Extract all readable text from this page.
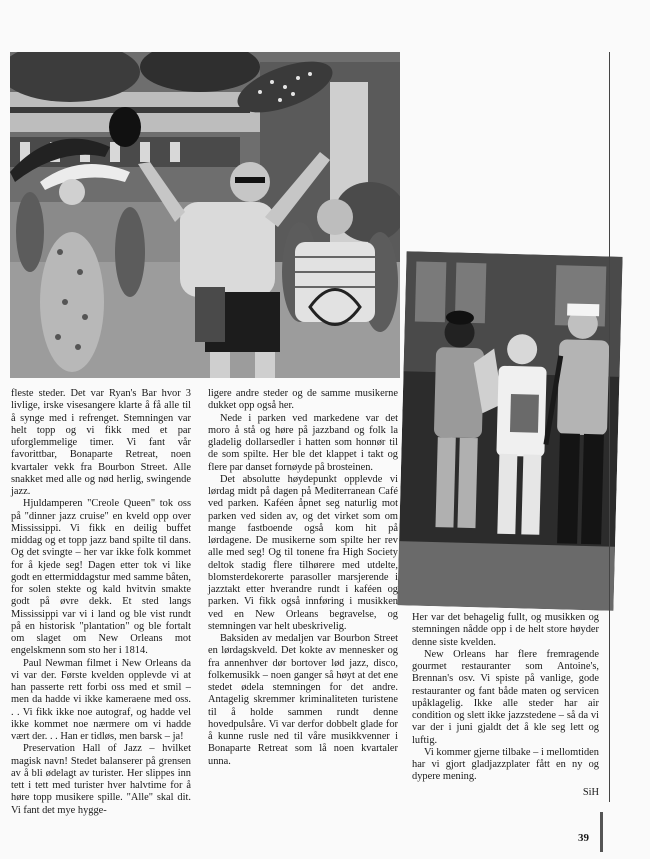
fleste steder. Det var Ryan's Bar hvor 3 livlige, irske visesangere klarte å få alle til å synge med i refrenget. Stemningen var helt topp og vi fikk med et par uforglemmelige timer. Vi fant vår favorittbar, Bonaparte Retreat, noen kvartaler vekk fra Bourbon Street. Alle snakket med alle og nød herlig, swingende jazz.

Hjuldamperen "Creole Queen" tok oss på "dinner jazz cruise" en kveld opp over Mississippi. Vi fikk en deilig buffet middag og et topp jazz band spilte til dans. Og det svingte – her var ikke folk kommet for å kjede seg! Dagen etter tok vi like godt en ettermiddagstur med samme båten, for solen stekte og kald hvitvin smakte godt på øvre dekk. Et sted langs Mississippi var vi i land og ble vist rundt på en historisk "plantation" og ble fortalt om slaget om New Orleans mot engelskmenn som sto her i 1814.

Paul Newman filmet i New Orleans da vi var der. Første kvelden opplevde vi at han passerte rett forbi oss med et smil – men da hadde vi ikke kameraene med oss. . . Vi fikk ikke noe autograf, og hadde vel ikke kommet noe nærmere om vi hadde vært der. . . Han er tidløs, men barsk – ja!

Preservation Hall of Jazz – hvilket magisk navn! Stedet balanserer på grensen av å bli ødelagt av turister. Her slippes inn tett i tett med turister hver halvtime for å høre topp musikere spille. "Alle" skal dit. Vi fant det mye hygge-

ligere andre steder og de samme musikerne dukket opp også her.

Nede i parken ved markedene var det moro å stå og høre på jazzband og folk la gladelig dollarsedler i hatten som honnør til de som spilte. Her ble det klappet i takt og flere par danset fornøyde på brosteinen.

Det absolutte høydepunkt opplevde vi lørdag midt på dagen på Mediterranean Café ved parken. Kaféen åpnet seg naturlig mot parken ved siden av, og det virket som om mange fastboende også kom hit på lørdagene. De musikerne som spilte her rev alle med seg! Og til tonene fra High Society deltok stadig flere tilhørere med utdelte, blomsterdekorerte parasoller marsjerende i jazztakt etter hverandre rundt i kaféen og parken. Vi fikk også innføring i musikken ved en New Orleans begravelse, og stemningen var helt ubeskrivelig.

Baksiden av medaljen var Bourbon Street en lørdagskveld. Det kokte av mennesker og fra annenhver dør bortover lød jazz, disco, folkemusikk – noen ganger så høyt at det ene stedet ødela stemningen for det andre. Antagelig skremmer kriminaliteten turistene til å holde sammen rundt denne hovedpulsåre. Vi var derfor dobbelt glade for å kunne rusle ned til våre musikkvenner i Bonaparte Retreat som lå noen kvartaler unna.

Her var det behagelig fullt, og musikken og stemningen nådde opp i de helt store høyder denne siste kvelden.

New Orleans har flere fremragende gourmet restauranter som Antoine's, Brennan's osv. Vi spiste på vanlige, gode restauranter og fant både maten og servicen upåklagelig. Ikke alle steder har air condition og slett ikke jazzstedene – så da vi var der i juni gjaldt det å kle seg lett og luftig.

Vi kommer gjerne tilbake – i mellomtiden har vi gjort gladjazzplater fått en ny og dypere mening.

SiH
39
